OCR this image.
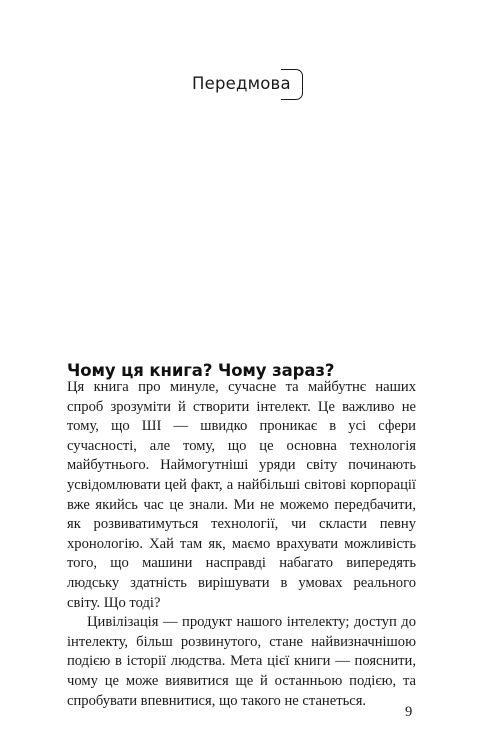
Передмова
Чому ця книга? Чому зараз?

Ця книга про минуле, сучасне та майбутнє наших спроб зрозуміти й створити інтелект. Це важливо не тому, що ШІ — швидко проникає в усі сфери сучасності, але тому, що це основна технологія майбутнього. Наймогутніші уряди світу починають усвідомлювати цей факт, а найбільші світові корпорації вже якийсь час це знали. Ми не можемо передбачити, як розвиватимуться технології, чи скласти певну хронологію. Хай там як, маємо врахувати можливість того, що машини насправді набагато випередять людську здатність вирішувати в умовах реального світу. Що тоді?

Цивілізація — продукт нашого інтелекту; доступ до інтелекту, більш розвинутого, стане найвизначнішою подією в історії людства. Мета цієї книги — пояснити, чому це може виявитися ще й останньою подією, та спробувати впевнитися, що такого не станеться.

9
